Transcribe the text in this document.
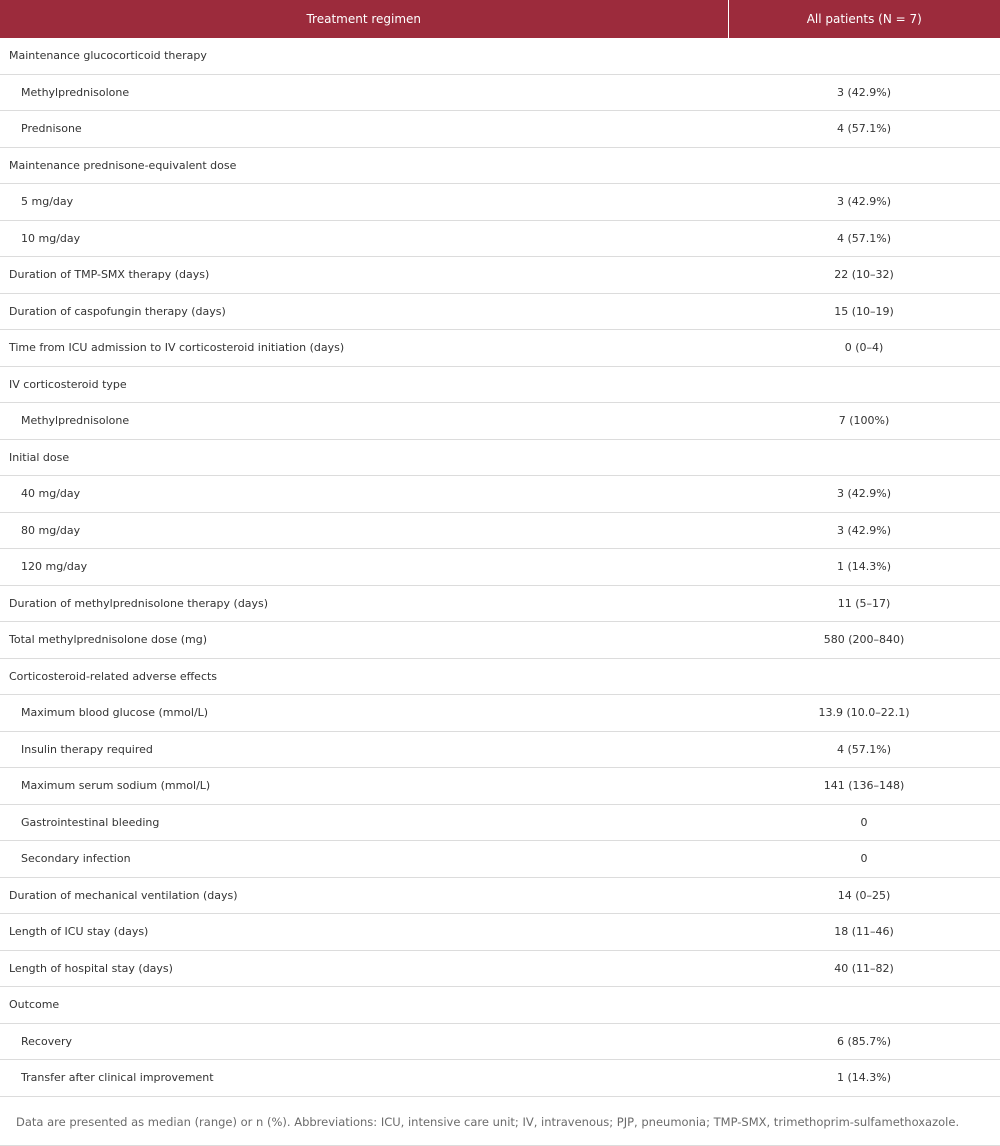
Treatment regimen	All patients (N = 7)
Maintenance glucocorticoid therapy	
Methylprednisolone	3 (42.9%)
Prednisone	4 (57.1%)
Maintenance prednisone-equivalent dose	
5 mg/day	3 (42.9%)
10 mg/day	4 (57.1%)
Duration of TMP-SMX therapy (days)	22 (10–32)
Duration of caspofungin therapy (days)	15 (10–19)
Time from ICU admission to IV corticosteroid initiation (days)	0 (0–4)
IV corticosteroid type	
Methylprednisolone	7 (100%)
Initial dose	
40 mg/day	3 (42.9%)
80 mg/day	3 (42.9%)
120 mg/day	1 (14.3%)
Duration of methylprednisolone therapy (days)	11 (5–17)
Total methylprednisolone dose (mg)	580 (200–840)
Corticosteroid-related adverse effects	
Maximum blood glucose (mmol/L)	13.9 (10.0–22.1)
Insulin therapy required	4 (57.1%)
Maximum serum sodium (mmol/L)	141 (136–148)
Gastrointestinal bleeding	0
Secondary infection	0
Duration of mechanical ventilation (days)	14 (0–25)
Length of ICU stay (days)	18 (11–46)
Length of hospital stay (days)	40 (11–82)
Outcome	
Recovery	6 (85.7%)
Transfer after clinical improvement	1 (14.3%)
Data are presented as median (range) or n (%). Abbreviations: ICU, intensive care unit; IV, intravenous; PJP, pneumonia; TMP-SMX, trimethoprim-sulfamethoxazole.
